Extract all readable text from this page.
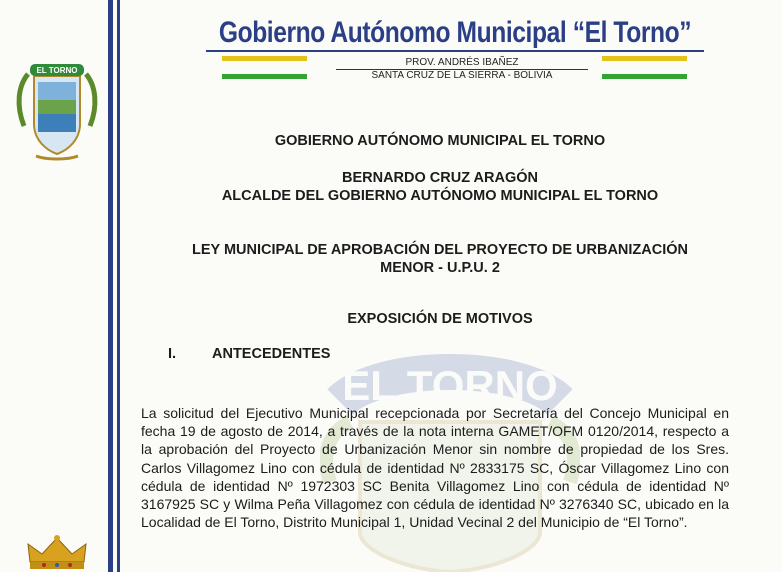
EL TORNO
EL TORNO
Gobierno Autónomo Municipal “El Torno”
PROV. ANDRÉS IBAÑEZ
SANTA CRUZ DE LA SIERRA - BOLIVIA
GOBIERNO AUTÓNOMO MUNICIPAL EL TORNO
BERNARDO CRUZ ARAGÓN
ALCALDE DEL GOBIERNO AUTÓNOMO MUNICIPAL EL TORNO
LEY MUNICIPAL DE APROBACIÓN DEL PROYECTO DE URBANIZACIÓN
MENOR - U.P.U. 2
EXPOSICIÓN DE MOTIVOS
I. ANTECEDENTES
La solicitud del Ejecutivo Municipal recepcionada por Secretaría del Concejo Municipal en fecha 19 de agosto de 2014, a través de la nota interna GAMET/OFM 0120/2014, respecto a la aprobación del Proyecto de Urbanización Menor sin nombre de propiedad de los Sres. Carlos Villagomez Lino con cédula de identidad Nº 2833175 SC, Óscar Villagomez Lino con cédula de identidad Nº 1972303 SC Benita Villagomez Lino con cédula de identidad Nº 3167925 SC y Wilma Peña Villagomez con cédula de identidad Nº 3276340 SC, ubicado en la Localidad de El Torno, Distrito Municipal 1, Unidad Vecinal 2 del Municipio de “El Torno”.
